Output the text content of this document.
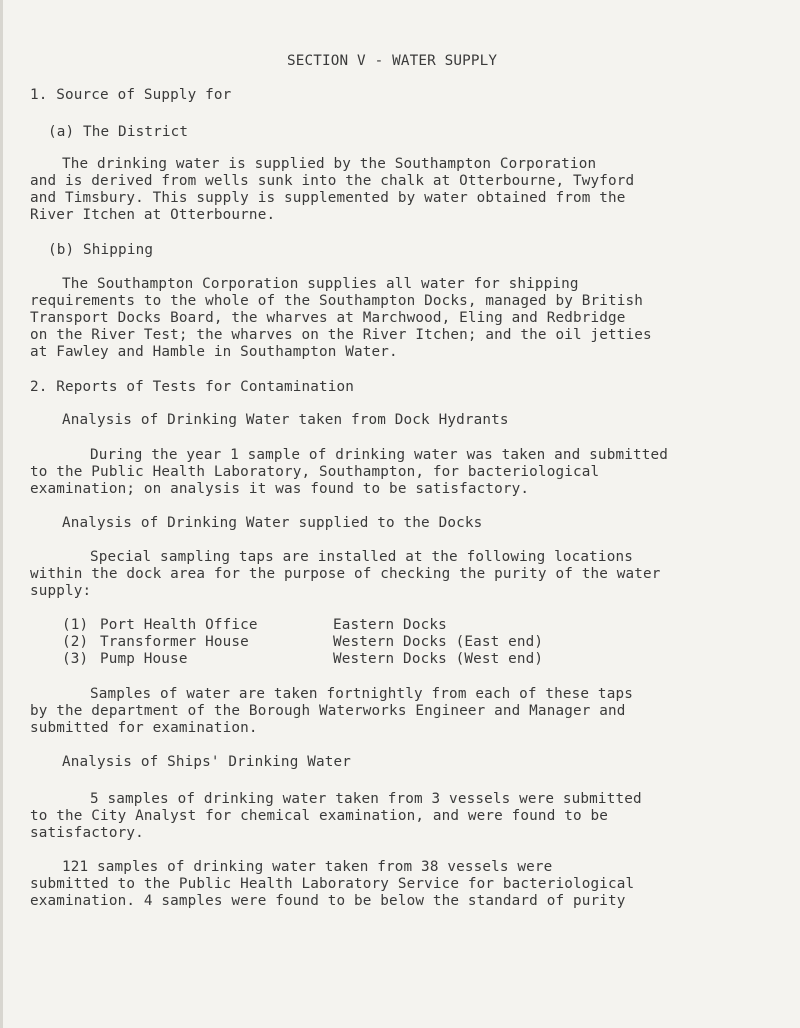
SECTION V - WATER SUPPLY
1. Source of Supply for
(a) The District
The drinking water is supplied by the Southampton Corporation
and is derived from wells sunk into the chalk at Otterbourne, Twyford
and Timsbury. This supply is supplemented by water obtained from the
River Itchen at Otterbourne.
(b) Shipping
The Southampton Corporation supplies all water for shipping
requirements to the whole of the Southampton Docks, managed by British
Transport Docks Board, the wharves at Marchwood, Eling and Redbridge
on the River Test; the wharves on the River Itchen; and the oil jetties
at Fawley and Hamble in Southampton Water.
2. Reports of Tests for Contamination
Analysis of Drinking Water taken from Dock Hydrants
During the year 1 sample of drinking water was taken and submitted
to the Public Health Laboratory, Southampton, for bacteriological
examination; on analysis it was found to be satisfactory.
Analysis of Drinking Water supplied to the Docks
Special sampling taps are installed at the following locations
within the dock area for the purpose of checking the purity of the water
supply:
(1) Port Health Office	Eastern Docks
(2) Transformer House	Western Docks (East end)
(3) Pump House	Western Docks (West end)
Samples of water are taken fortnightly from each of these taps
by the department of the Borough Waterworks Engineer and Manager and
submitted for examination.
Analysis of Ships' Drinking Water
5 samples of drinking water taken from 3 vessels were submitted
to the City Analyst for chemical examination, and were found to be
satisfactory.
121 samples of drinking water taken from 38 vessels were
submitted to the Public Health Laboratory Service for bacteriological
examination. 4 samples were found to be below the standard of purity
